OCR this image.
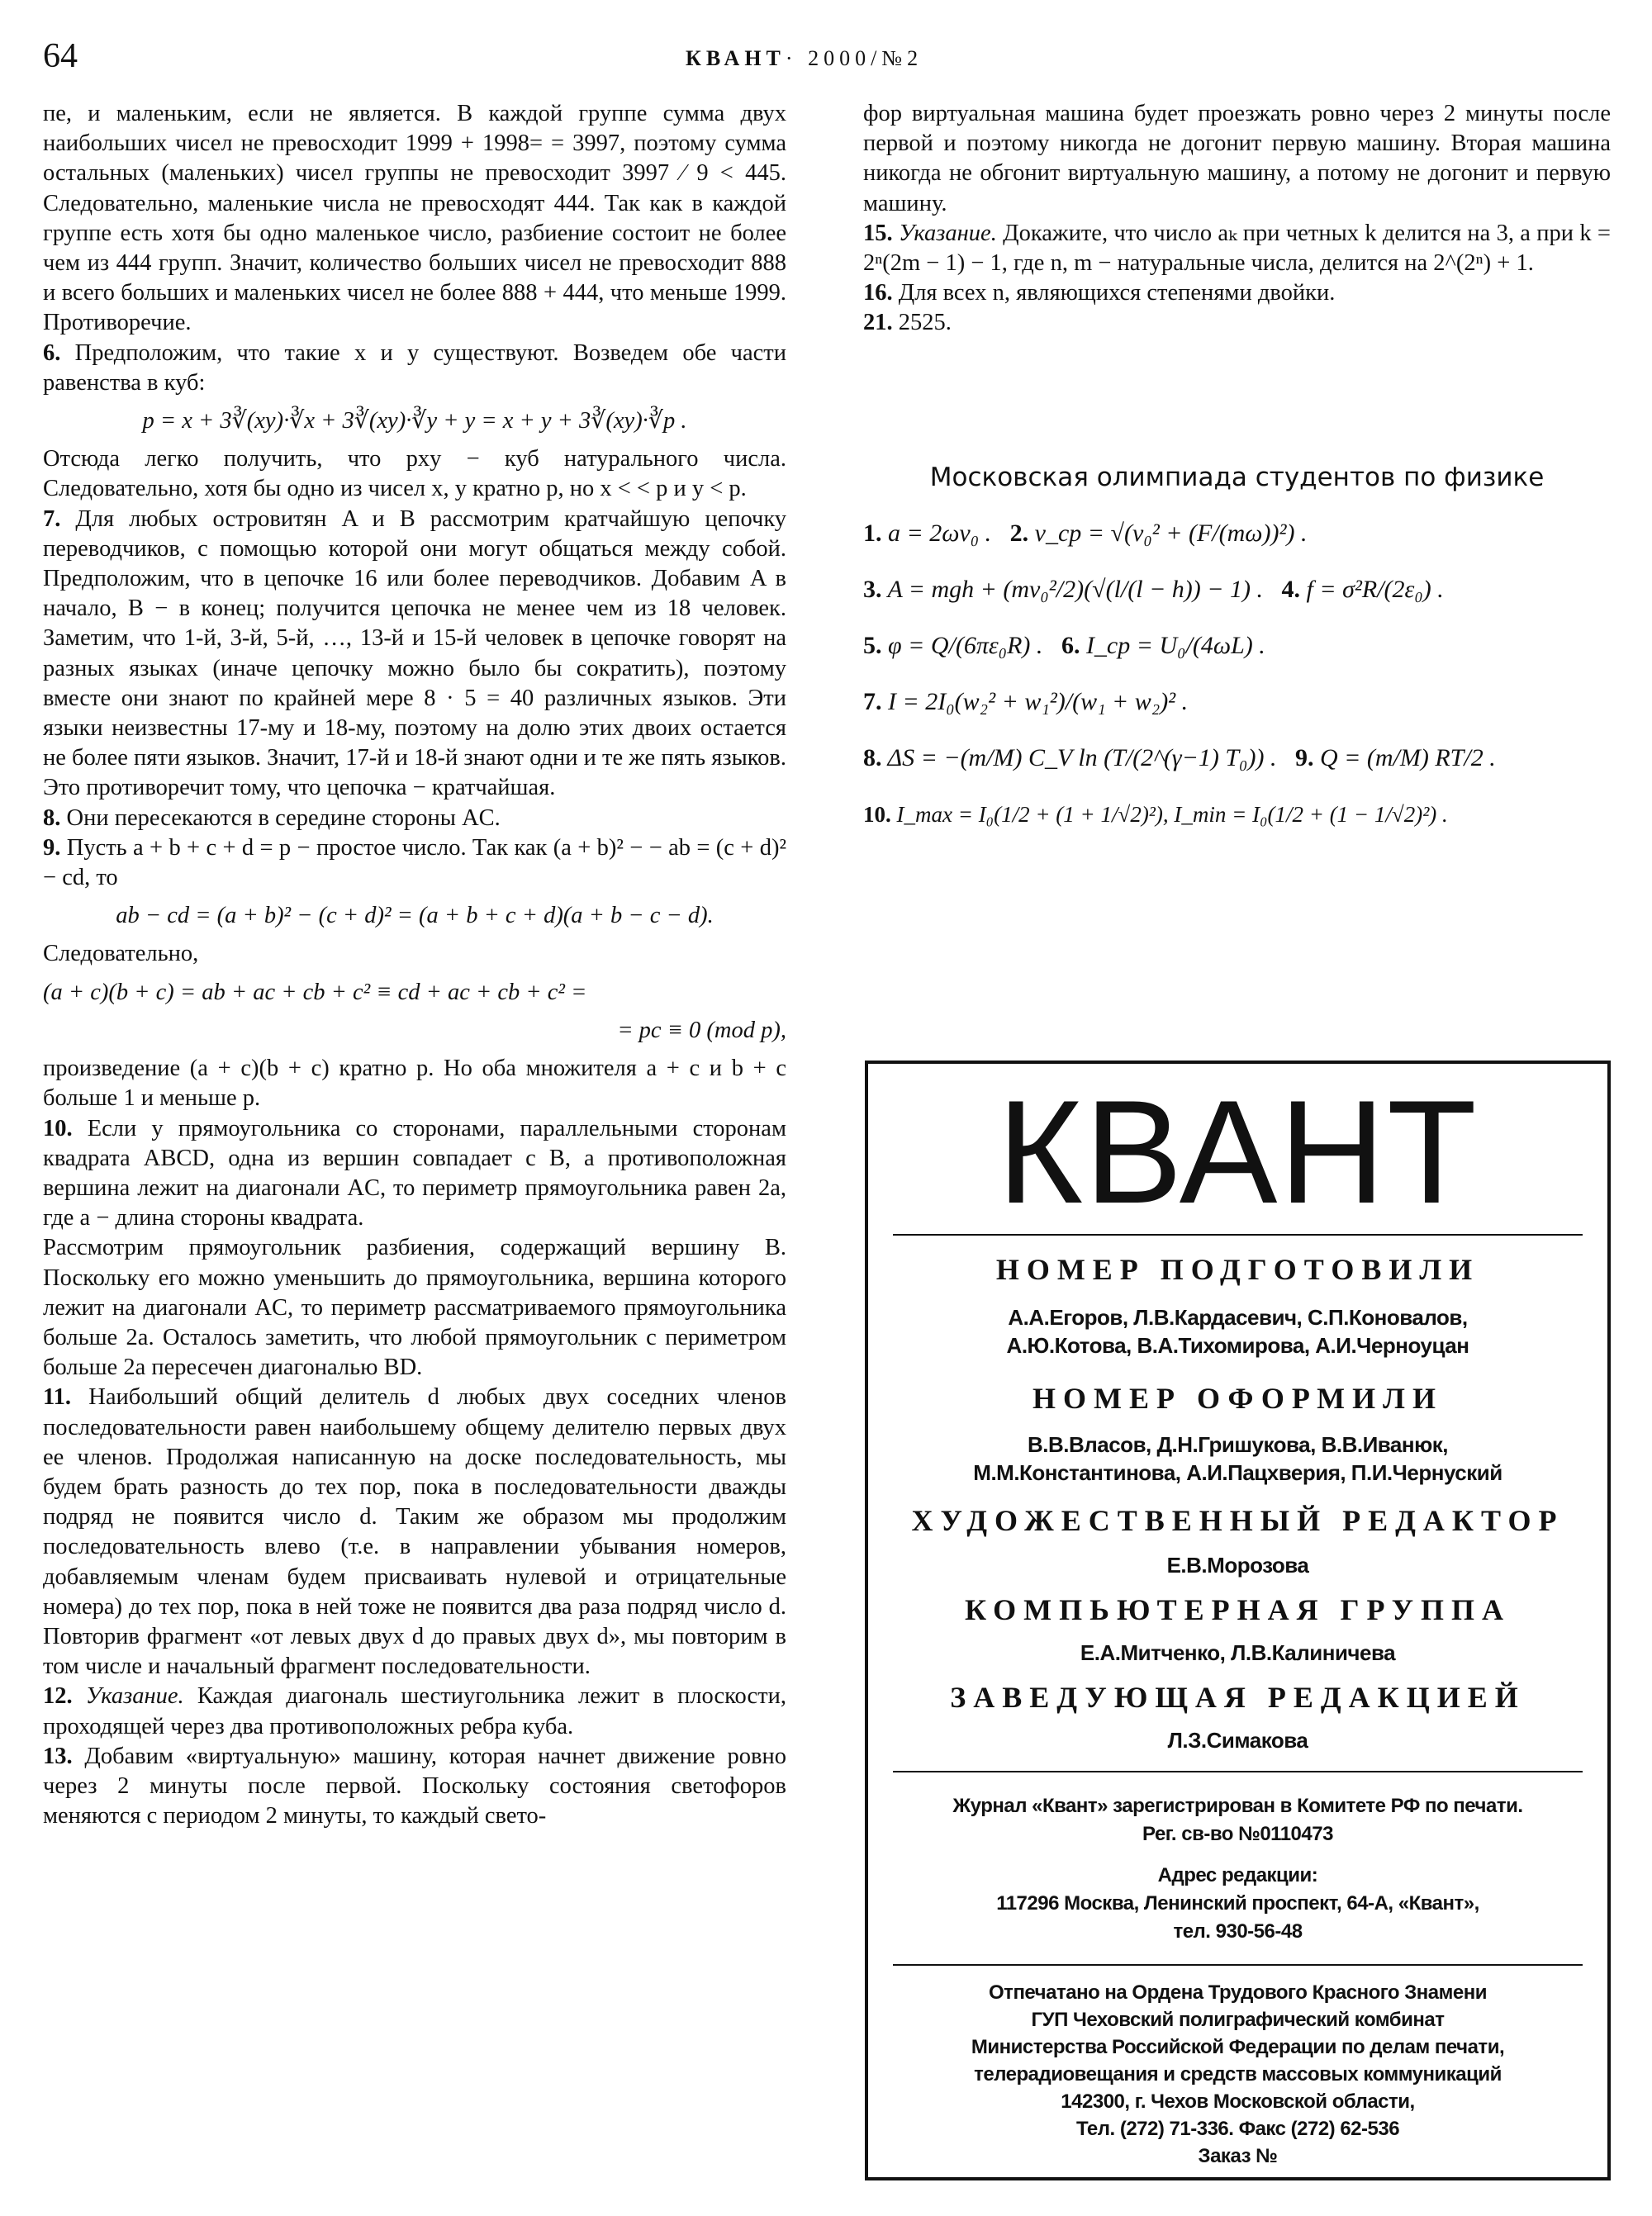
64	КВАНТ· 2000/№2

пе, и маленьким, если не является. В каждой группе сумма двух наибольших чисел не превосходит 1999 + 1998= = 3997, поэтому сумма остальных (маленьких) чисел группы не превосходит 3997 ⁄ 9 < 445. Следовательно, маленькие числа не превосходят 444. Так как в каждой группе есть хотя бы одно маленькое число, разбиение состоит не более чем из 444 групп. Значит, количество больших чисел не превосходит 888 и всего больших и маленьких чисел не более 888 + 444, что меньше 1999. Противоречие.

6. Предположим, что такие x и y существуют. Возведем обе части равенства в куб:

p = x + 3∛(xy)·∛x + 3∛(xy)·∛y + y = x + y + 3∛(xy)·∛p .

Отсюда легко получить, что pxy − куб натурального числа. Следовательно, хотя бы одно из чисел x, y кратно p, но x < < p и y < p.

7. Для любых островитян A и B рассмотрим кратчайшую цепочку переводчиков, с помощью которой они могут общаться между собой. Предположим, что в цепочке 16 или более переводчиков. Добавим A в начало, B − в конец; получится цепочка не менее чем из 18 человек. Заметим, что 1-й, 3-й, 5-й, …, 13-й и 15-й человек в цепочке говорят на разных языках (иначе цепочку можно было бы сократить), поэтому вместе они знают по крайней мере 8 · 5 = 40 различных языков. Эти языки неизвестны 17-му и 18-му, поэтому на долю этих двоих остается не более пяти языков. Значит, 17-й и 18-й знают одни и те же пять языков. Это противоречит тому, что цепочка − кратчайшая.

8. Они пересекаются в середине стороны AC.

9. Пусть a + b + c + d = p − простое число. Так как (a + b)² − − ab = (c + d)² − cd, то

ab − cd = (a + b)² − (c + d)² = (a + b + c + d)(a + b − c − d).

Следовательно,

(a + c)(b + c) = ab + ac + cb + c² ≡ cd + ac + cb + c² =
= pc ≡ 0 (mod p),

произведение (a + c)(b + c) кратно p. Но оба множителя a + c и b + c больше 1 и меньше p.

10. Если у прямоугольника со сторонами, параллельными сторонам квадрата ABCD, одна из вершин совпадает с B, а противоположная вершина лежит на диагонали AC, то периметр прямоугольника равен 2a, где a − длина стороны квадрата.

Рассмотрим прямоугольник разбиения, содержащий вершину B. Поскольку его можно уменьшить до прямоугольника, вершина которого лежит на диагонали AC, то периметр рассматриваемого прямоугольника больше 2a. Осталось заметить, что любой прямоугольник с периметром больше 2a пересечен диагональю BD.

11. Наибольший общий делитель d любых двух соседних членов последовательности равен наибольшему общему делителю первых двух ее членов. Продолжая написанную на доске последовательность, мы будем брать разность до тех пор, пока в последовательности дважды подряд не появится число d. Таким же образом мы продолжим последовательность влево (т.е. в направлении убывания номеров, добавляемым членам будем присваивать нулевой и отрицательные номера) до тех пор, пока в ней тоже не появится два раза подряд число d. Повторив фрагмент «от левых двух d до правых двух d», мы повторим в том числе и начальный фрагмент последовательности.

12. Указание. Каждая диагональ шестиугольника лежит в плоскости, проходящей через два противоположных ребра куба.

13. Добавим «виртуальную» машину, которая начнет движение ровно через 2 минуты после первой. Поскольку состояния светофоров меняются с периодом 2 минуты, то каждый свето-

фор виртуальная машина будет проезжать ровно через 2 минуты после первой и поэтому никогда не догонит первую машину. Вторая машина никогда не обгонит виртуальную машину, а потому не догонит и первую машину.

15. Указание. Докажите, что число aₖ при четных k делится на 3, а при k = 2ⁿ(2m − 1) − 1, где n, m − натуральные числа, делится на 2^(2ⁿ) + 1.

16. Для всех n, являющихся степенями двойки.

21. 2525.

Московская олимпиада студентов по физике
1. a = 2ωv₀ . 2. v_ср = √(v₀² + (F/(mω))²) .
3. A = mgh + (mv₀²/2)(√(l/(l − h)) − 1) . 4. f = σ²R/(2ε₀) .
5. φ = Q/(6πε₀R) . 6. I_ср = U₀/(4ωL) .
7. I = 2I₀(w₂² + w₁²)/(w₁ + w₂)² .
8. ΔS = −(m/M) C_V ln (T/(2^(γ−1) T₀)) . 9. Q = (m/M) RT/2 .
10. I_max = I₀(1/2 + (1 + 1/√2)²), I_min = I₀(1/2 + (1 − 1/√2)²) .
КВАНТ
НОМЕР ПОДГОТОВИЛИ
А.А.Егоров, Л.В.Кардасевич, С.П.Коновалов,
А.Ю.Котова, В.А.Тихомирова, А.И.Черноуцан
НОМЕР ОФОРМИЛИ
В.В.Власов, Д.Н.Гришукова, В.В.Иванюк,
М.М.Константинова, А.И.Пацхверия, П.И.Чернуский
ХУДОЖЕСТВЕННЫЙ РЕДАКТОР
Е.В.Морозова
КОМПЬЮТЕРНАЯ ГРУППА
Е.А.Митченко, Л.В.Калиничева
ЗАВЕДУЮЩАЯ РЕДАКЦИЕЙ
Л.З.Симакова
Журнал «Квант» зарегистрирован в Комитете РФ по печати.
Рег. св-во №0110473
Адрес редакции:
117296 Москва, Ленинский проспект, 64-А, «Квант»,
тел. 930-56-48
Отпечатано на Ордена Трудового Красного Знамени
ГУП Чеховский полиграфический комбинат
Министерства Российской Федерации по делам печати,
телерадиовещания и средств массовых коммуникаций
142300, г. Чехов Московской области,
Тел. (272) 71-336. Факс (272) 62-536
Заказ №
